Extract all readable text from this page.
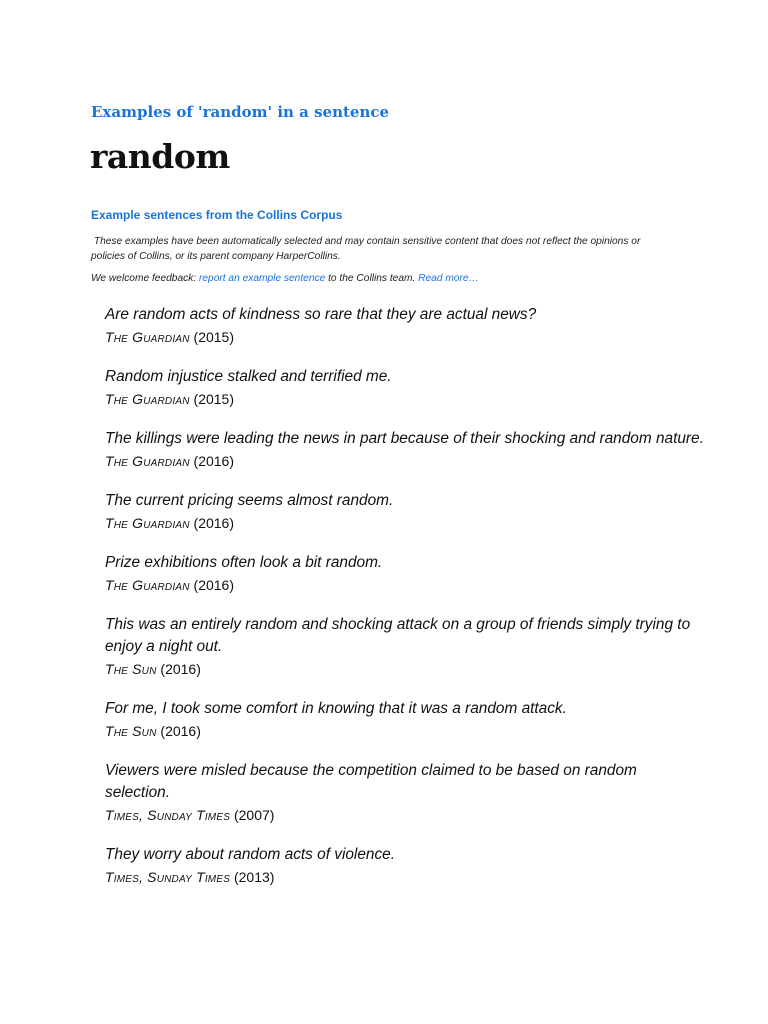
Examples of 'random' in a sentence
random
Example sentences from the Collins Corpus

These examples have been automatically selected and may contain sensitive content that does not reflect the opinions or policies of Collins, or its parent company HarperCollins.

We welcome feedback: report an example sentence to the Collins team. Read more…

Are random acts of kindness so rare that they are actual news?
The Guardian (2015)
Random injustice stalked and terrified me.
The Guardian (2015)
The killings were leading the news in part because of their shocking and random nature.
The Guardian (2016)
The current pricing seems almost random.
The Guardian (2016)
Prize exhibitions often look a bit random.
The Guardian (2016)
This was an entirely random and shocking attack on a group of friends simply trying to enjoy a night out.
The Sun (2016)
For me, I took some comfort in knowing that it was a random attack.
The Sun (2016)
Viewers were misled because the competition claimed to be based on random selection.
Times, Sunday Times (2007)
They worry about random acts of violence.
Times, Sunday Times (2013)
